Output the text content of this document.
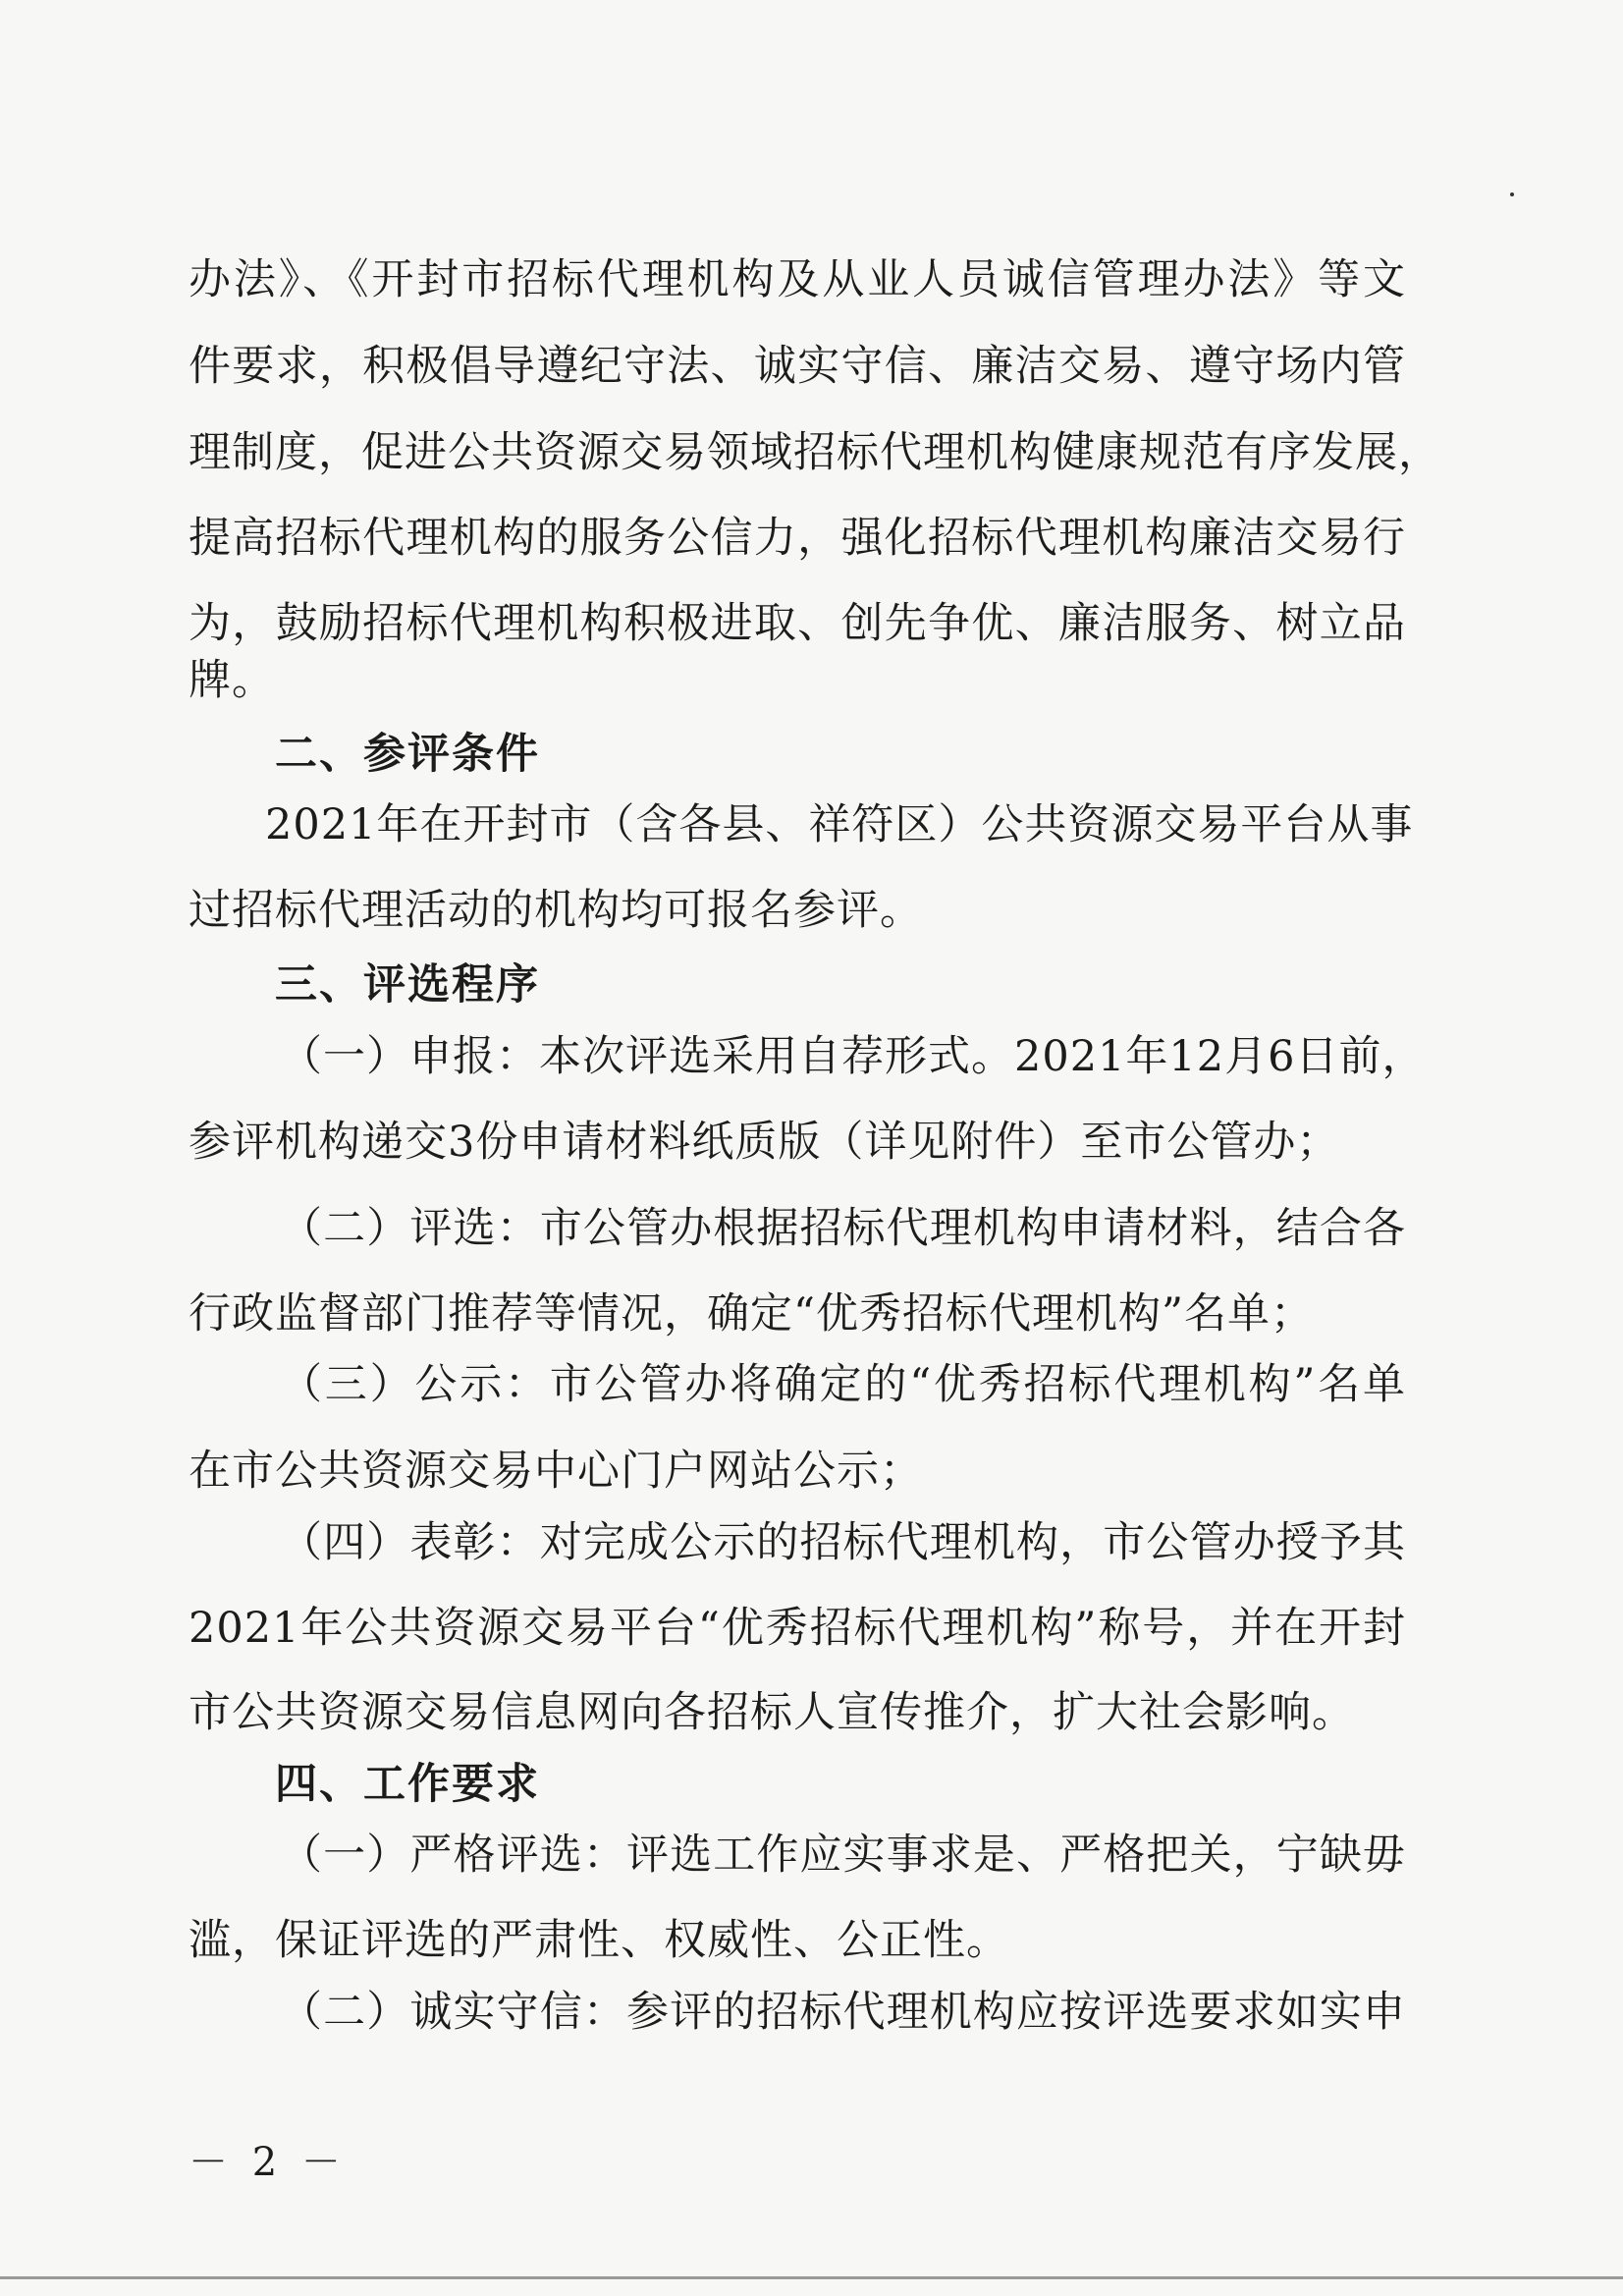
办法》、《开封市招标代理机构及从业人员诚信管理办法》等文
件要求，积极倡导遵纪守法、诚实守信、廉洁交易、遵守场内管
理制度，促进公共资源交易领域招标代理机构健康规范有序发展，
提高招标代理机构的服务公信力，强化招标代理机构廉洁交易行
为，鼓励招标代理机构积极进取、创先争优、廉洁服务、树立品
牌。
二、参评条件
2021年在开封市（含各县、祥符区）公共资源交易平台从事
过招标代理活动的机构均可报名参评。
三、评选程序
（一）申报：本次评选采用自荐形式。2021年12月6日前，
参评机构递交3份申请材料纸质版（详见附件）至市公管办；
（二）评选：市公管办根据招标代理机构申请材料，结合各
行政监督部门推荐等情况，确定“优秀招标代理机构”名单；
（三）公示：市公管办将确定的“优秀招标代理机构”名单
在市公共资源交易中心门户网站公示；
（四）表彰：对完成公示的招标代理机构，市公管办授予其
2021年公共资源交易平台“优秀招标代理机构”称号，并在开封
市公共资源交易信息网向各招标人宣传推介，扩大社会影响。
四、工作要求
（一）严格评选：评选工作应实事求是、严格把关，宁缺毋
滥，保证评选的严肃性、权威性、公正性。
（二）诚实守信：参评的招标代理机构应按评选要求如实申
－ 2 －
